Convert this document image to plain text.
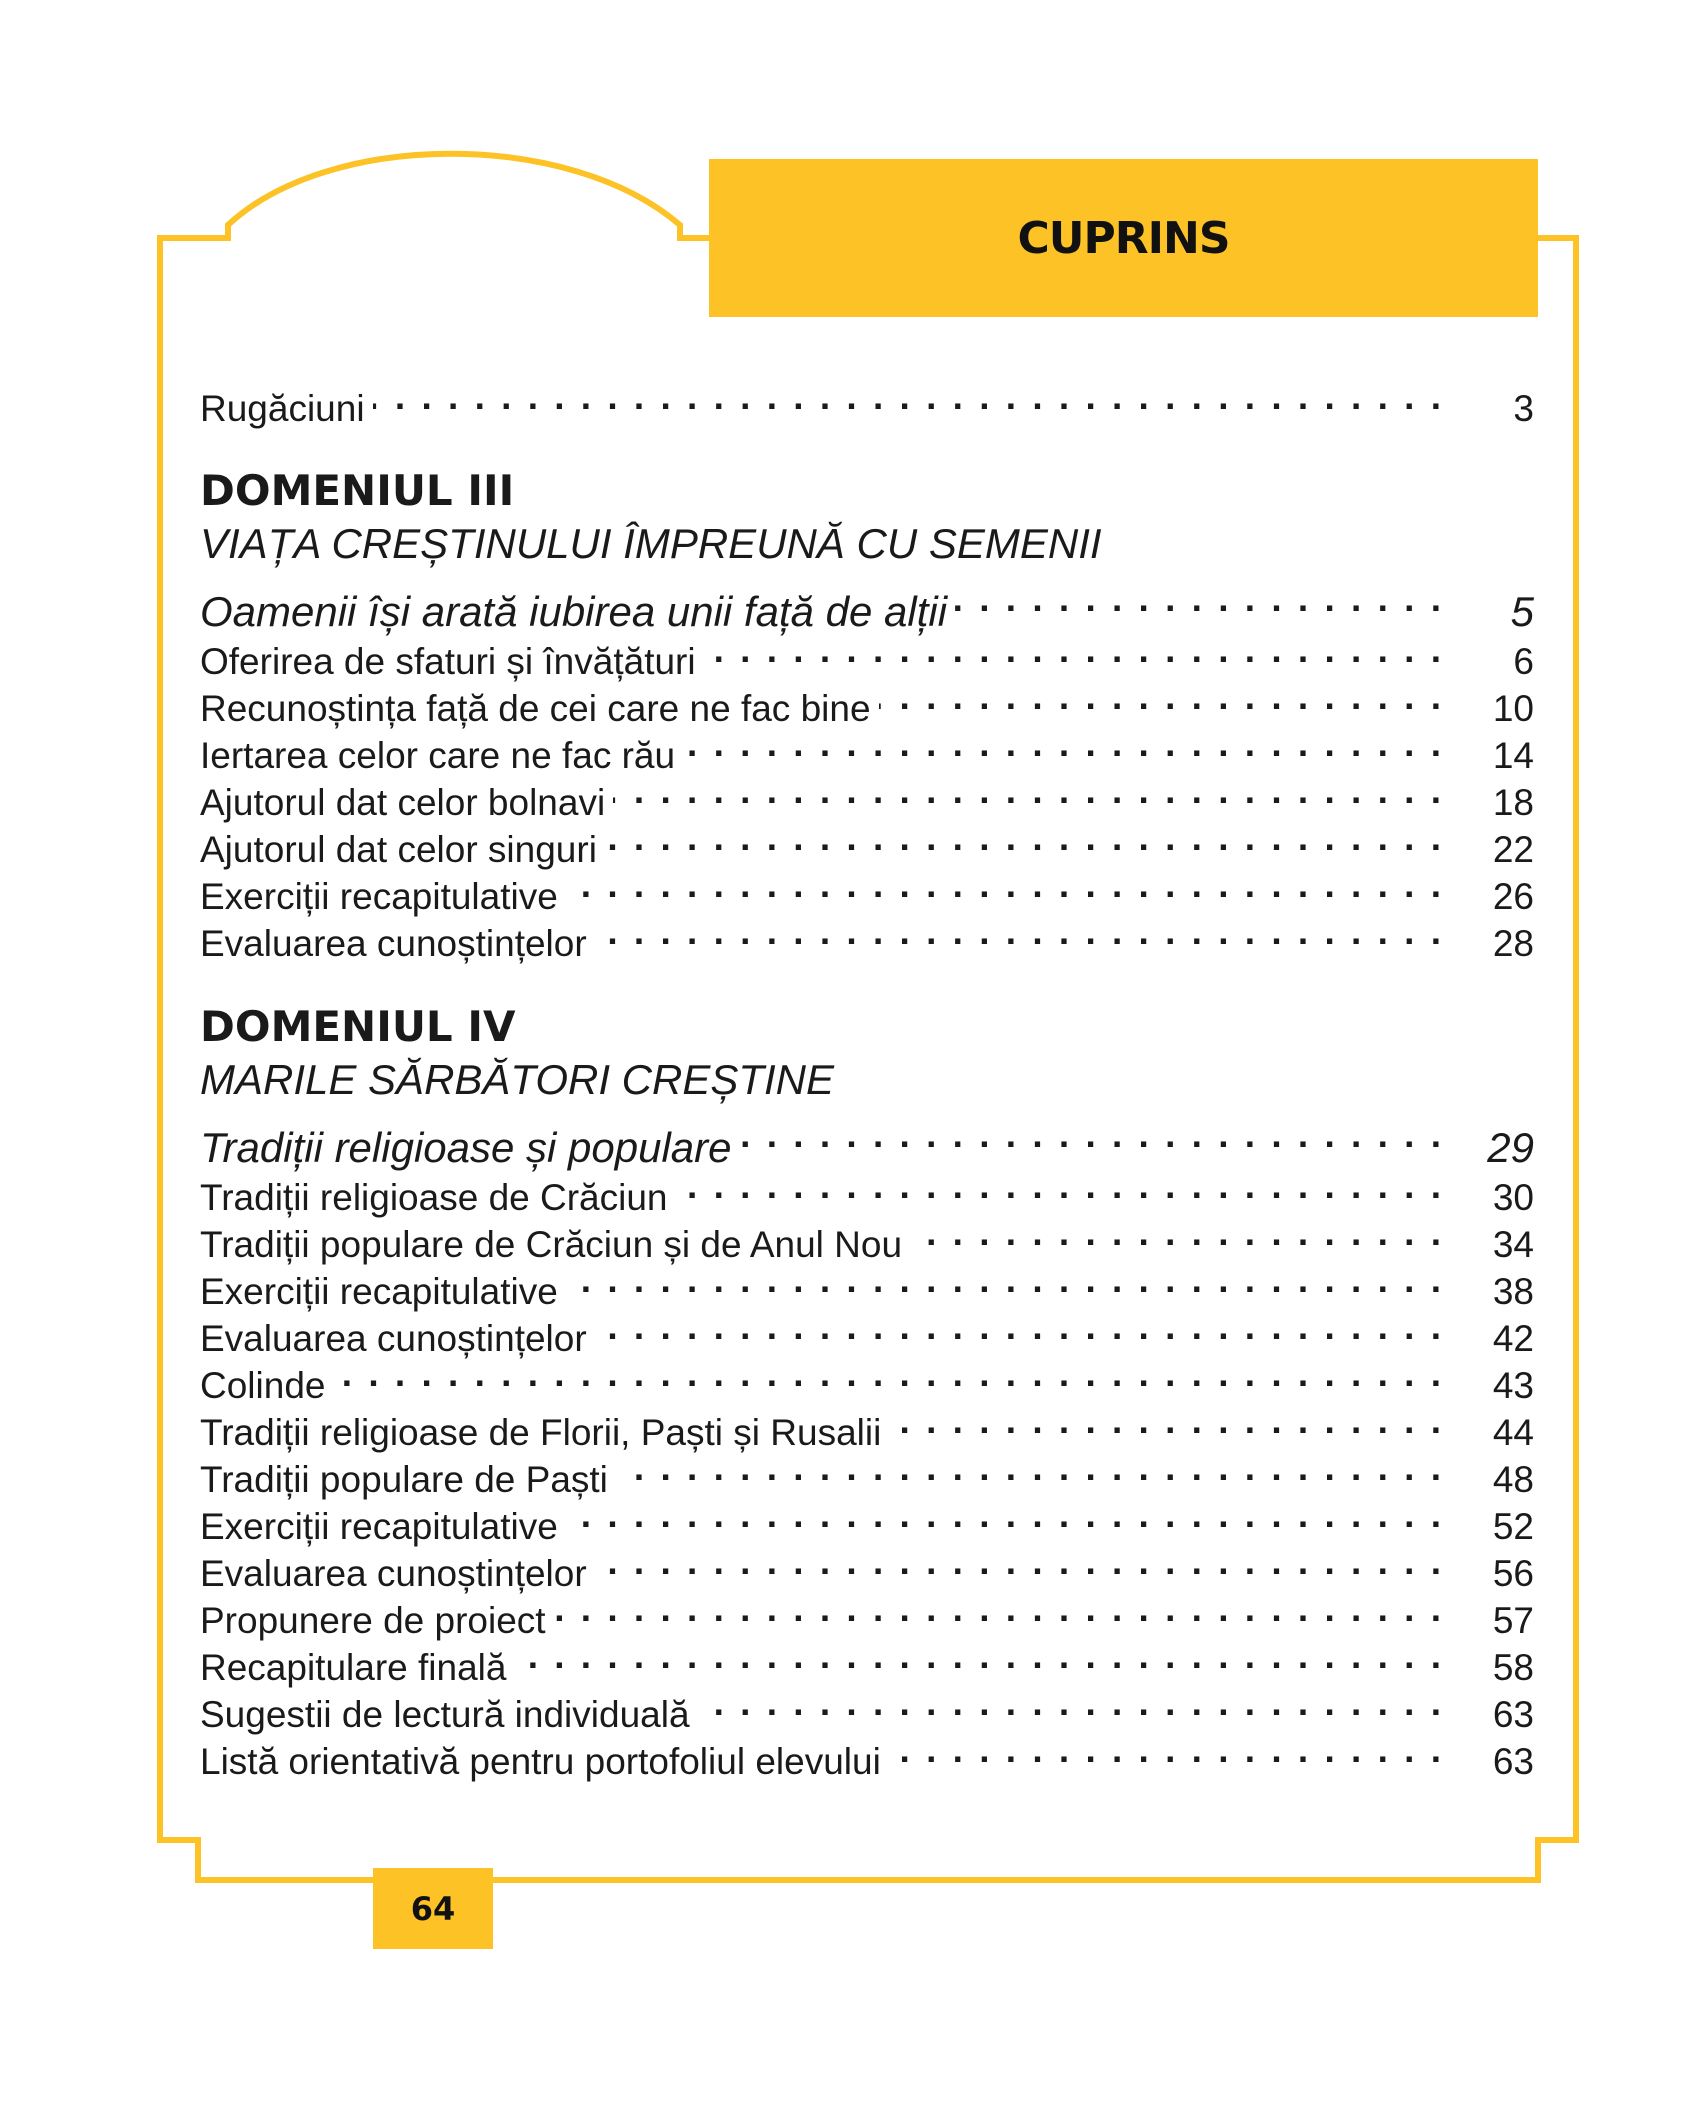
CUPRINS
Rugăciuni . . .	3
DOMENIUL III
VIAȚA CREȘTINULUI ÎMPREUNĂ CU SEMENII
Oamenii își arată iubirea unii față de alții . . .	5
Oferirea de sfaturi și învățături . . .	6
Recunoștința față de cei care ne fac bine . . .	10
Iertarea celor care ne fac rău . . .	14
Ajutorul dat celor bolnavi . . .	18
Ajutorul dat celor singuri . . .	22
Exerciții recapitulative . . .	26
Evaluarea cunoștințelor . . .	28
DOMENIUL IV
MARILE SĂRBĂTORI CREȘTINE
Tradiții religioase și populare . . .	29
Tradiții religioase de Crăciun . . .	30
Tradiții populare de Crăciun și de Anul Nou . . .	34
Exerciții recapitulative . . .	38
Evaluarea cunoștințelor . . .	42
Colinde . . .	43
Tradiții religioase de Florii, Paști și Rusalii . . .	44
Tradiții populare de Paști . . .	48
Exerciții recapitulative . . .	52
Evaluarea cunoștințelor . . .	56
Propunere de proiect . . .	57
Recapitulare finală . . .	58
Sugestii de lectură individuală . . .	63
Listă orientativă pentru portofoliul elevului . . .	63
64
